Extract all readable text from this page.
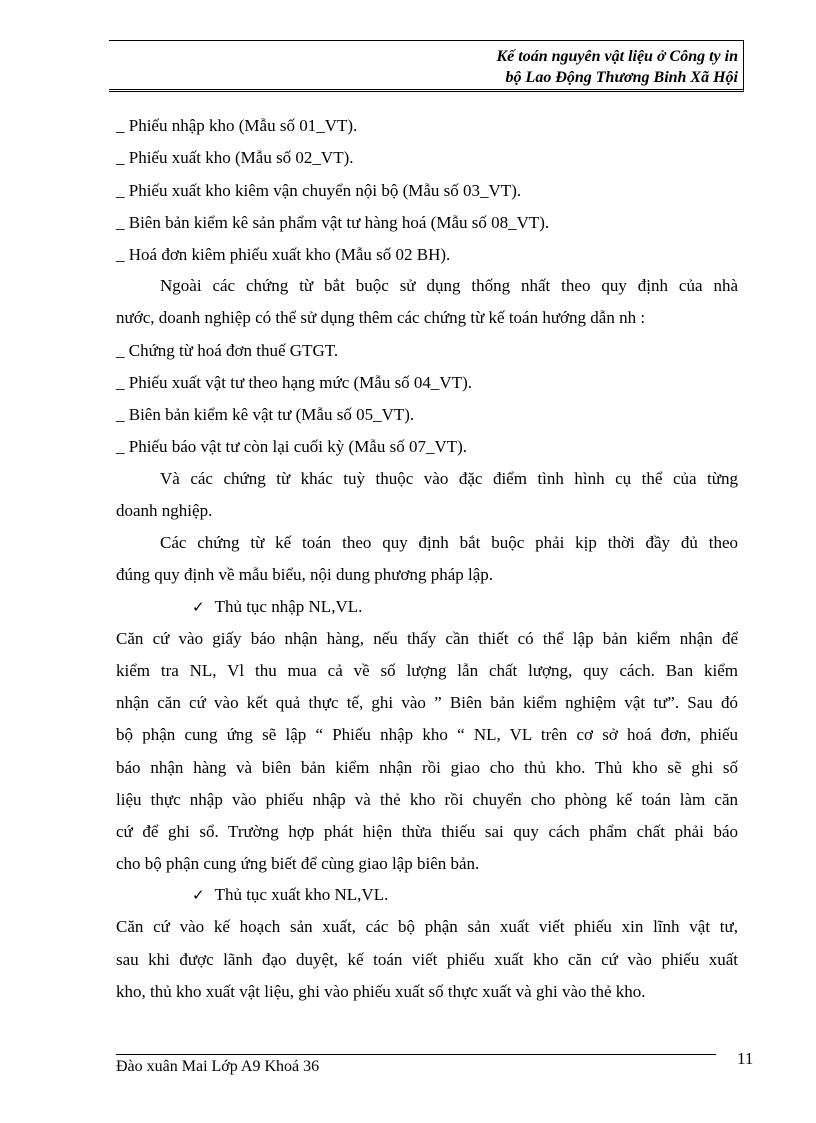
Kế toán nguyên vật liệu ở Công ty in
bộ Lao Động Thương Binh Xã Hội
_ Phiếu nhập kho (Mẫu số 01_VT).
_ Phiếu xuất kho (Mẫu số 02_VT).
_ Phiếu xuất kho kiêm vận chuyển nội bộ (Mẫu số 03_VT).
_ Biên bản kiểm kê sản phẩm vật tư hàng hoá (Mẫu số 08_VT).
_ Hoá đơn kiêm phiếu xuất kho (Mẫu số 02 BH).
Ngoài các chứng từ bắt buộc sử dụng thống nhất theo quy định của nhà
nước, doanh nghiệp có thể sử dụng thêm các chứng từ kế toán hướng dẫn nh :
_ Chứng từ hoá đơn thuế GTGT.
_ Phiếu xuất vật tư theo hạng mức (Mẫu số 04_VT).
_ Biên bản kiểm kê vật tư (Mẫu số 05_VT).
_ Phiếu báo vật tư còn lại cuối kỳ (Mẫu số 07_VT).
Và các chứng từ khác tuỳ thuộc vào đặc điểm tình hình cụ thể của từng
doanh nghiệp.
Các chứng từ kế toán theo quy định bắt buộc phải kịp thời đầy đủ theo
đúng quy định về mẫu biểu, nội dung phương pháp lập.
✓ Thủ tục nhập NL,VL.
Căn cứ vào giấy báo nhận hàng, nếu thấy cần thiết có thể lập bản kiểm nhận để
kiểm tra NL, Vl thu mua cả về số lượng lẫn chất lượng, quy cách. Ban kiểm
nhận căn cứ vào kết quả thực tế, ghi vào ” Biên bản kiểm nghiệm vật tư”. Sau đó
bộ phận cung ứng sẽ lập “ Phiếu nhập kho “ NL, VL trên cơ sở hoá đơn, phiếu
báo nhận hàng và biên bản kiểm nhận rồi giao cho thủ kho. Thủ kho sẽ ghi số
liệu thực nhập vào phiếu nhập và thẻ kho rồi chuyển cho phòng kế toán làm căn
cứ để ghi sổ. Trường hợp phát hiện thừa thiếu sai quy cách phẩm chất phải báo
cho bộ phận cung ứng biết để cùng giao lập biên bản.
✓ Thủ tục xuất kho NL,VL.
Căn cứ vào kế hoạch sản xuất, các bộ phận sản xuất viết phiếu xin lĩnh vật tư,
sau khi được lãnh đạo duyệt, kế toán viết phiếu xuất kho căn cứ vào phiếu xuất
kho, thủ kho xuất vật liệu, ghi vào phiếu xuất số thực xuất và ghi vào thẻ kho.
Đào xuân Mai Lớp A9 Khoá 36	11
